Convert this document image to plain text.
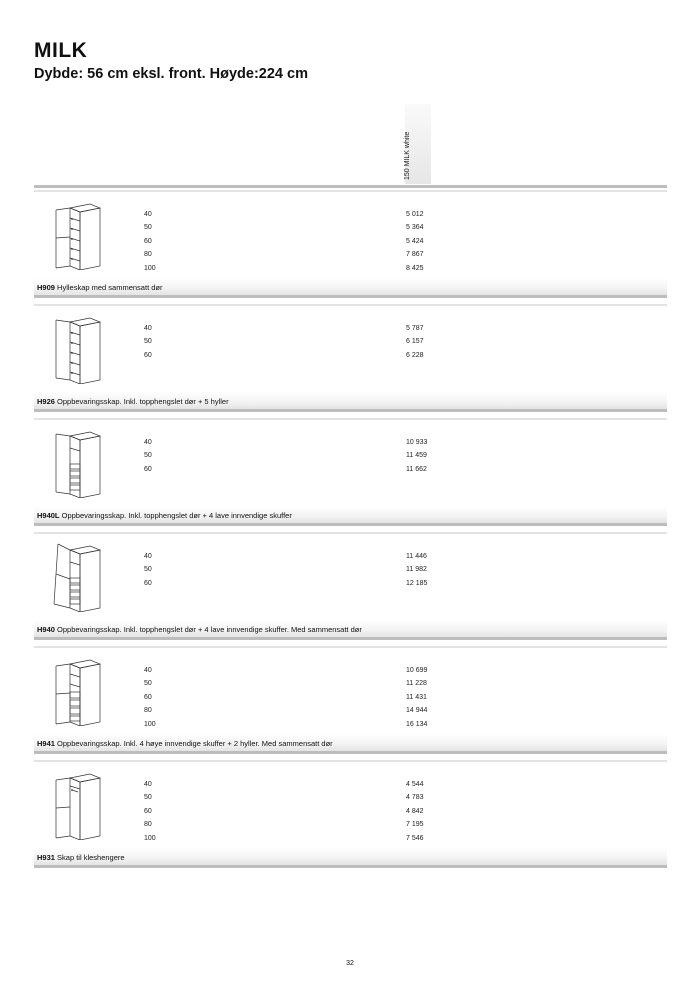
MILK
Dybde: 56 cm eksl. front. Høyde:224 cm
150 MILK white
40
50
60
80
100
5 012
5 364
5 424
7 867
8 425
H909 Hylleskap med sammensatt dør
40
50
60
5 787
6 157
6 228
H926 Oppbevaringsskap. Inkl. topphengslet dør + 5 hyller
40
50
60
10 933
11 459
11 662
H940L Oppbevaringsskap. Inkl. topphengslet dør + 4 lave innvendige skuffer
40
50
60
11 446
11 982
12 185
H940 Oppbevaringsskap. Inkl. topphengslet dør + 4 lave innvendige skuffer. Med sammensatt dør
40
50
60
80
100
10 699
11 228
11 431
14 944
16 134
H941 Oppbevaringsskap. Inkl. 4 høye innvendige skuffer + 2 hyller. Med sammensatt dør
40
50
60
80
100
4 544
4 783
4 842
7 195
7 546
H931 Skap til kleshengere
32
